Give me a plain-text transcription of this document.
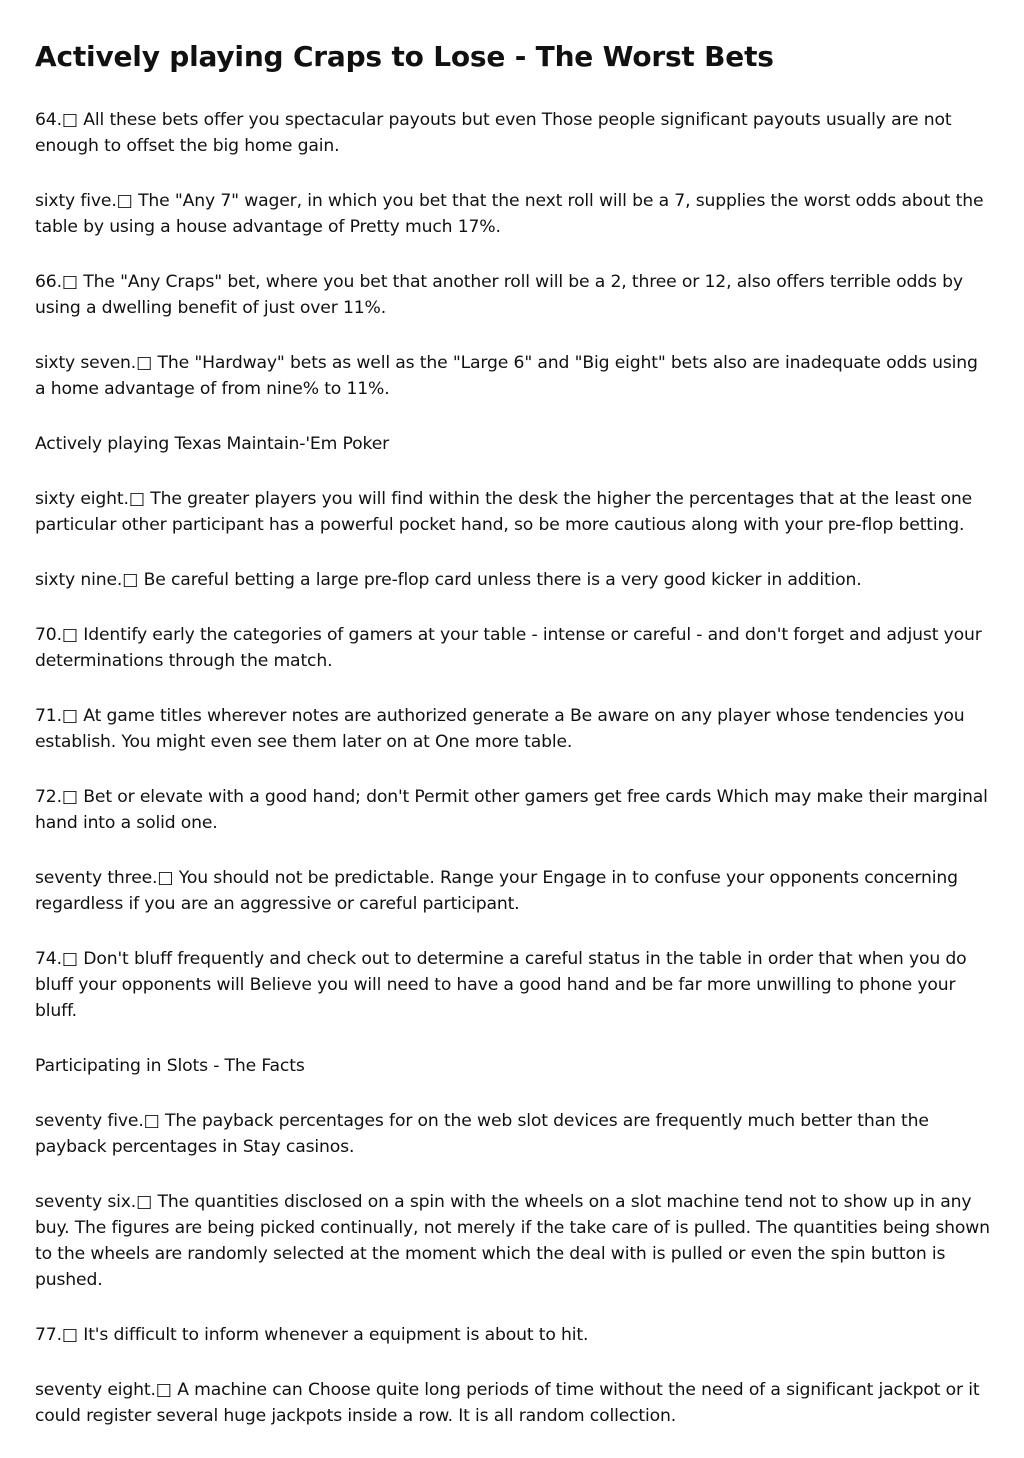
Actively playing Craps to Lose - The Worst Bets

64.□ All these bets offer you spectacular payouts but even Those people significant payouts usually are not enough to offset the big home gain.

sixty five.□ The "Any 7" wager, in which you bet that the next roll will be a 7, supplies the worst odds about the table by using a house advantage of Pretty much 17%.

66.□ The "Any Craps" bet, where you bet that another roll will be a 2, three or 12, also offers terrible odds by using a dwelling benefit of just over 11%.

sixty seven.□ The "Hardway" bets as well as the "Large 6" and "Big eight" bets also are inadequate odds using a home advantage of from nine% to 11%.

Actively playing Texas Maintain-'Em Poker

sixty eight.□ The greater players you will find within the desk the higher the percentages that at the least one particular other participant has a powerful pocket hand, so be more cautious along with your pre-flop betting.

sixty nine.□ Be careful betting a large pre-flop card unless there is a very good kicker in addition.

70.□ Identify early the categories of gamers at your table - intense or careful - and don't forget and adjust your determinations through the match.

71.□ At game titles wherever notes are authorized generate a Be aware on any player whose tendencies you establish. You might even see them later on at One more table.

72.□ Bet or elevate with a good hand; don't Permit other gamers get free cards Which may make their marginal hand into a solid one.

seventy three.□ You should not be predictable. Range your Engage in to confuse your opponents concerning regardless if you are an aggressive or careful participant.

74.□ Don't bluff frequently and check out to determine a careful status in the table in order that when you do bluff your opponents will Believe you will need to have a good hand and be far more unwilling to phone your bluff.

Participating in Slots - The Facts

seventy five.□ The payback percentages for on the web slot devices are frequently much better than the payback percentages in Stay casinos.

seventy six.□ The quantities disclosed on a spin with the wheels on a slot machine tend not to show up in any buy. The figures are being picked continually, not merely if the take care of is pulled. The quantities being shown to the wheels are randomly selected at the moment which the deal with is pulled or even the spin button is pushed.

77.□ It's difficult to inform whenever a equipment is about to hit.

seventy eight.□ A machine can Choose quite long periods of time without the need of a significant jackpot or it could register several huge jackpots inside a row. It is all random collection.
